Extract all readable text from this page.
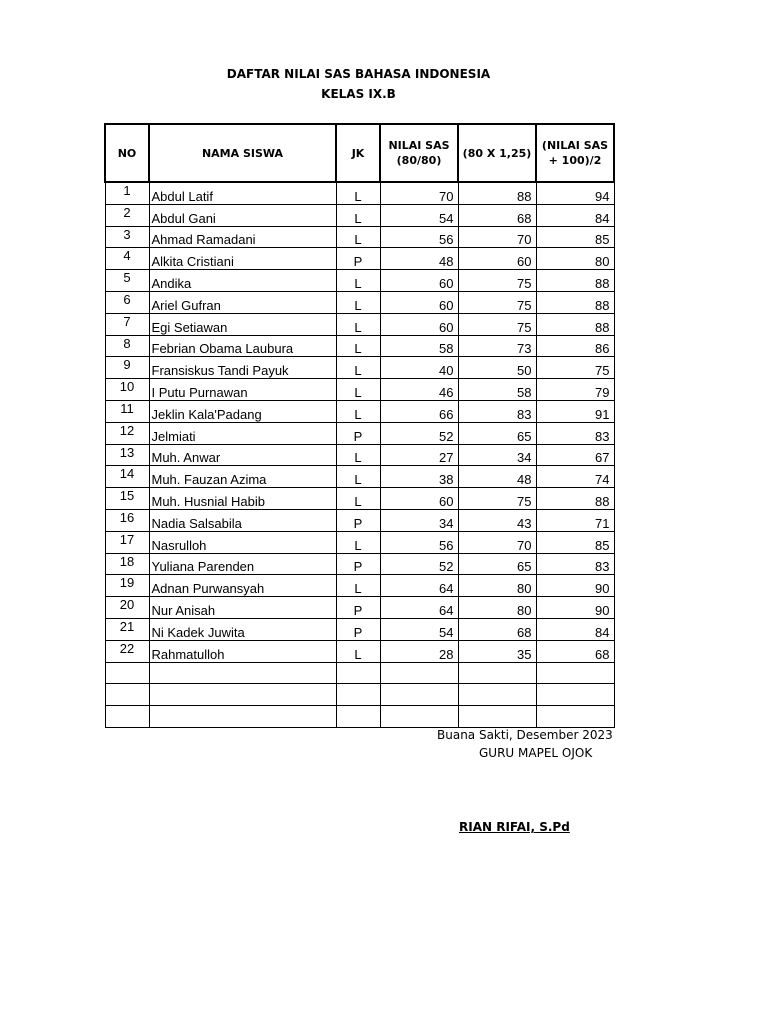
DAFTAR NILAI SAS BAHASA INDONESIA
KELAS IX.B
NO	NAMA SISWA	JK	NILAI SAS (80/80)	(80 X 1,25)	(NILAI SAS + 100)/2
1	Abdul Latif	L	70	88	94
2	Abdul Gani	L	54	68	84
3	Ahmad Ramadani	L	56	70	85
4	Alkita Cristiani	P	48	60	80
5	Andika	L	60	75	88
6	Ariel Gufran	L	60	75	88
7	Egi Setiawan	L	60	75	88
8	Febrian Obama Laubura	L	58	73	86
9	Fransiskus Tandi Payuk	L	40	50	75
10	I Putu Purnawan	L	46	58	79
11	Jeklin Kala'Padang	L	66	83	91
12	Jelmiati	P	52	65	83
13	Muh. Anwar	L	27	34	67
14	Muh. Fauzan Azima	L	38	48	74
15	Muh. Husnial Habib	L	60	75	88
16	Nadia Salsabila	P	34	43	71
17	Nasrulloh	L	56	70	85
18	Yuliana Parenden	P	52	65	83
19	Adnan Purwansyah	L	64	80	90
20	Nur Anisah	P	64	80	90
21	Ni Kadek Juwita	P	54	68	84
22	Rahmatulloh	L	28	35	68

Buana Sakti, Desember 2023
GURU MAPEL OJOK
RIAN RIFAI, S.Pd
